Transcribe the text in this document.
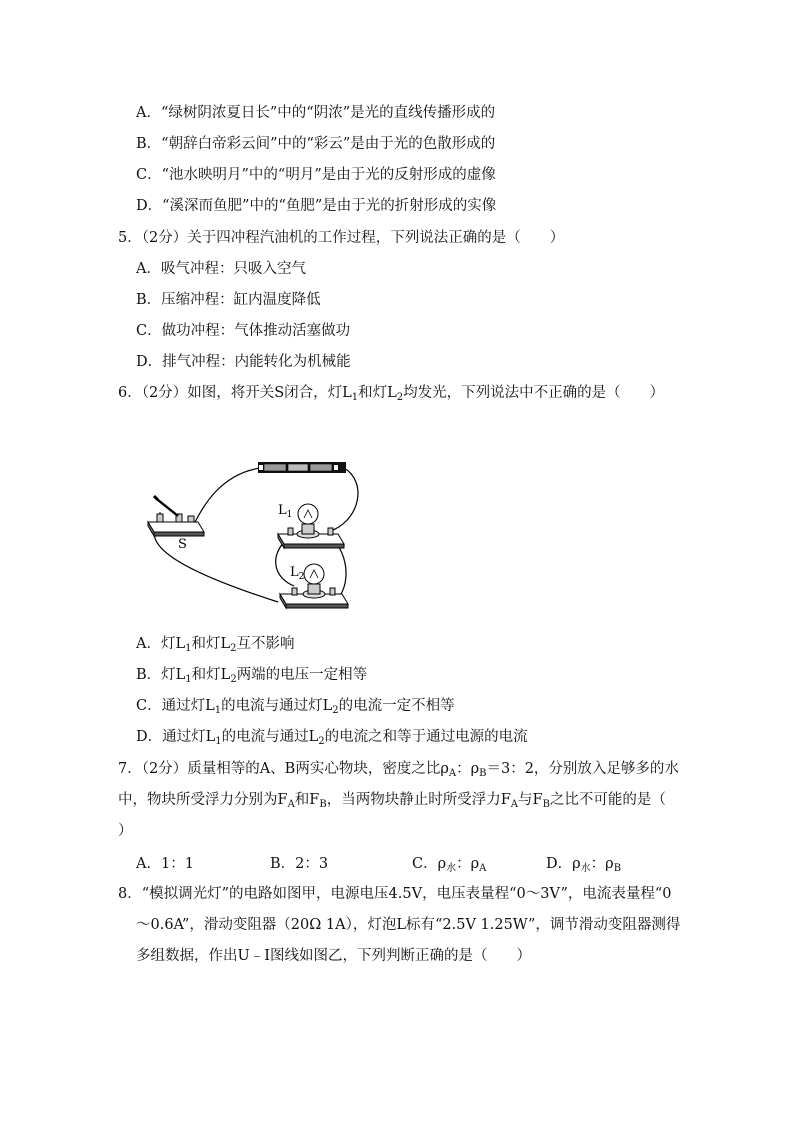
A．“绿树阴浓夏日长”中的“阴浓”是光的直线传播形成的
B．“朝辞白帝彩云间”中的“彩云”是由于光的色散形成的
C．“池水映明月”中的“明月”是由于光的反射形成的虚像
D．“溪深而鱼肥”中的“鱼肥”是由于光的折射形成的实像
5．（2分）关于四冲程汽油机的工作过程，下列说法正确的是（　　）
A．吸气冲程：只吸入空气
B．压缩冲程：缸内温度降低
C．做功冲程：气体推动活塞做功
D．排气冲程：内能转化为机械能
6．（2分）如图，将开关S闭合，灯$L_1$和灯$L_2$均发光，下列说法中不正确的是（　　）
S
$L_1$
$L_2$
A．灯$L_1$和灯$L_2$互不影响
B．灯$L_1$和灯$L_2$两端的电压一定相等
C．通过灯$L_1$的电流与通过灯$L_2$的电流一定不相等
D．通过灯$L_1$的电流与通过$L_2$的电流之和等于通过电源的电流
7．（2分）质量相等的A、B两实心物块，密度之比$\rho_A$：$\rho_B=3$：2，分别放入足够多的水
中，物块所受浮力分别为$F_A$和$F_B$，当两物块静止时所受浮力$F_A$与$F_B$之比不可能的是（
）
A．1：1	B．2：3	C．$\rho_水$：$\rho_A$	D．$\rho_水$：$\rho_B$
8．“模拟调光灯”的电路如图甲，电源电压4.5V，电压表量程“0～3V”，电流表量程“0
～0.6A”，滑动变阻器（20Ω 1A），灯泡L标有“2.5V 1.25W”，调节滑动变阻器测得
多组数据，作出U﹣I图线如图乙，下列判断正确的是（　　）
